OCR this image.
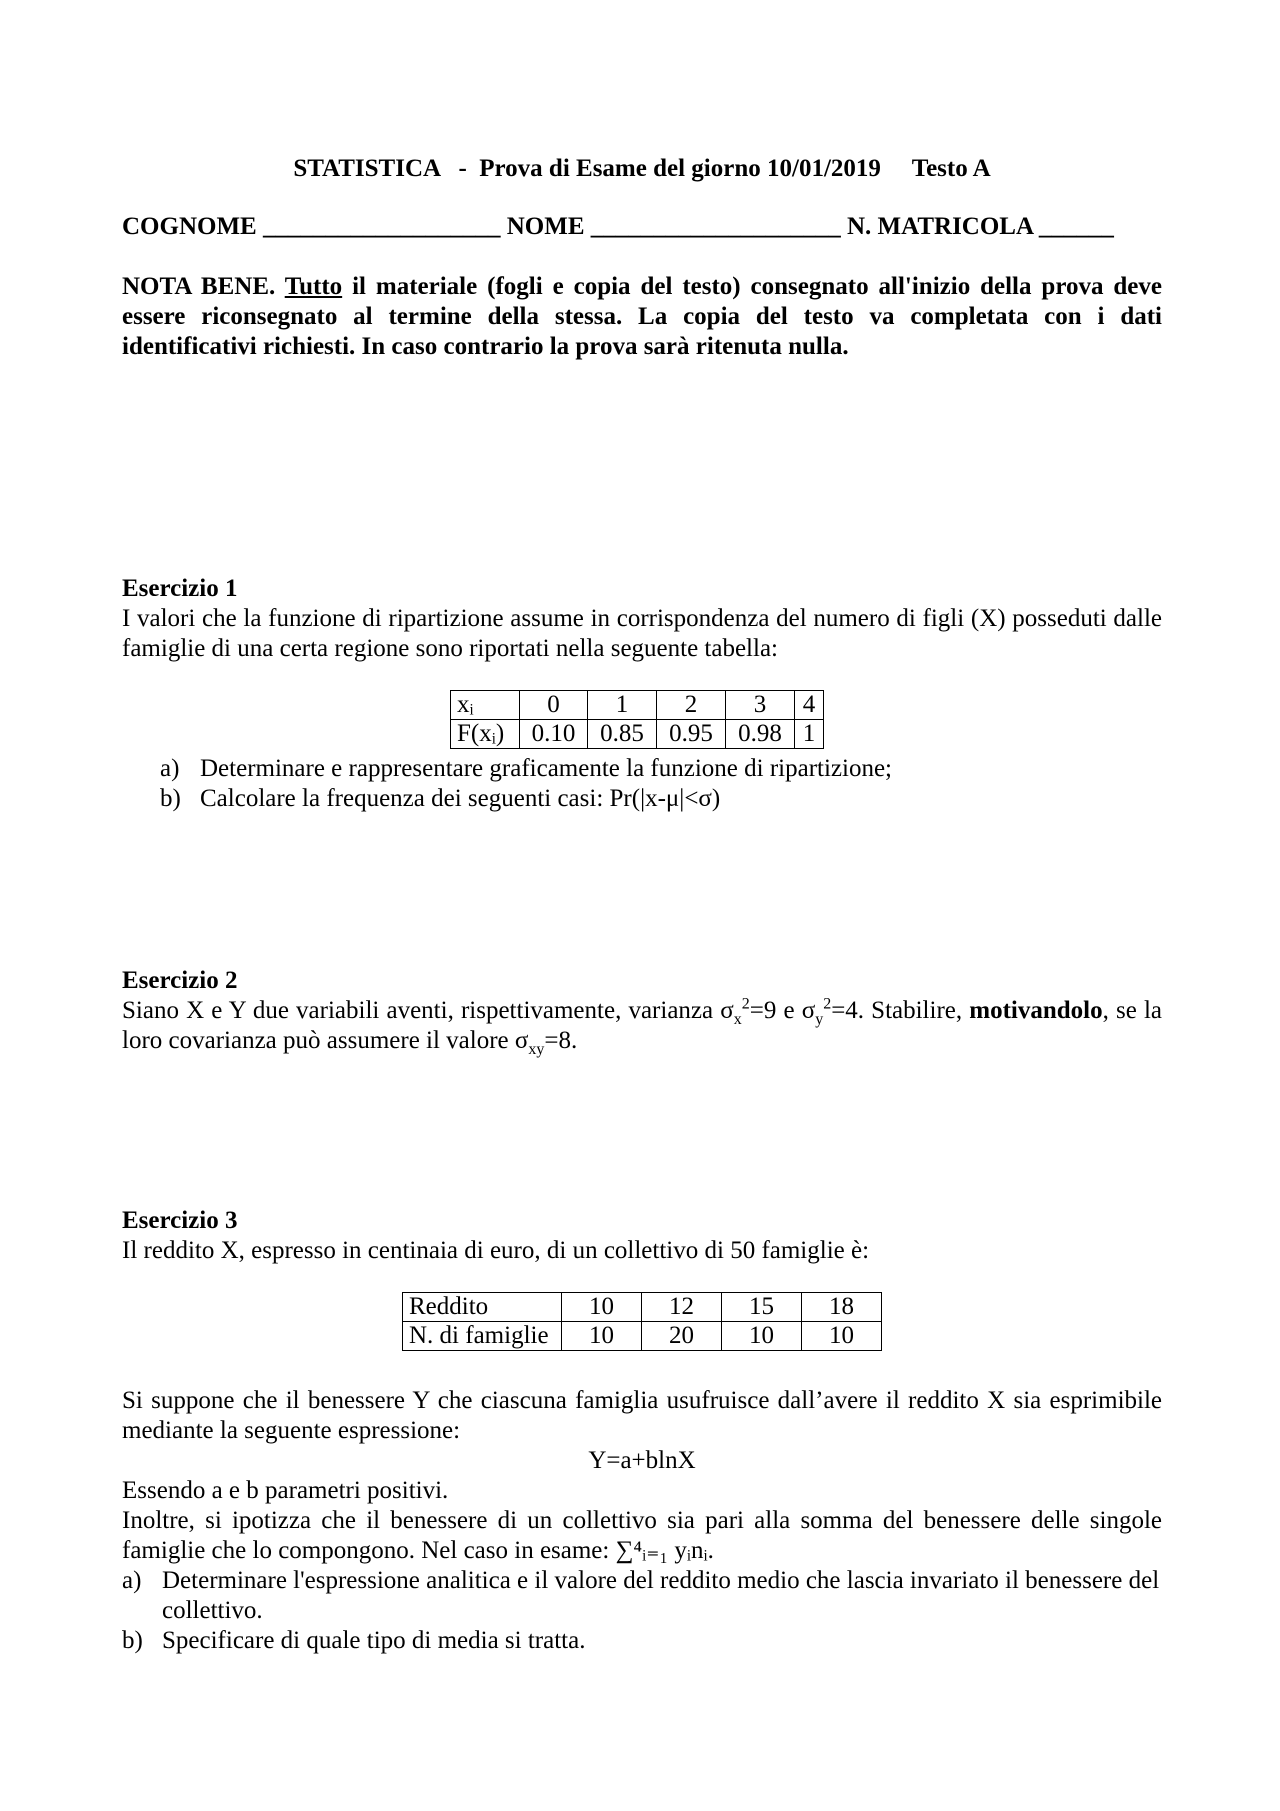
STATISTICA   -  Prova di Esame del giorno 10/01/2019     Testo A
COGNOME ___________________ NOME ____________________ N. MATRICOLA ______
NOTA BENE. Tutto il materiale (fogli e copia del testo) consegnato all'inizio della prova deve essere riconsegnato al termine della stessa. La copia del testo va completata con i dati identificativi richiesti. In caso contrario la prova sarà ritenuta nulla.
Esercizio 1

I valori che la funzione di ripartizione assume in corrispondenza del numero di figli (X) posseduti dalle famiglie di una certa regione sono riportati nella seguente tabella:

xᵢ	0	1	2	3	4
F(xᵢ)	0.10	0.85	0.95	0.98	1
a) Determinare e rappresentare graficamente la funzione di ripartizione;
b) Calcolare la frequenza dei seguenti casi: Pr(|x-μ|<σ)
Esercizio 2

Siano X e Y due variabili aventi, rispettivamente, varianza $\sigma_x^2=9$ e $\sigma_y^2=4$. Stabilire, motivandolo, se la loro covarianza può assumere il valore $\sigma_{xy}=8$.

Esercizio 3

Il reddito X, espresso in centinaia di euro, di un collettivo di 50 famiglie è:

Reddito	10	12	15	18
N. di famiglie	10	20	10	10

Si suppone che il benessere Y che ciascuna famiglia usufruisce dall’avere il reddito X sia esprimibile mediante la seguente espressione:

Y=a+blnX

Essendo a e b parametri positivi.

Inoltre, si ipotizza che il benessere di un collettivo sia pari alla somma del benessere delle singole famiglie che lo compongono. Nel caso in esame: ∑⁴ᵢ₌₁ yᵢnᵢ.

a) Determinare l'espressione analitica e il valore del reddito medio che lascia invariato il benessere del collettivo.
b) Specificare di quale tipo di media si tratta.
